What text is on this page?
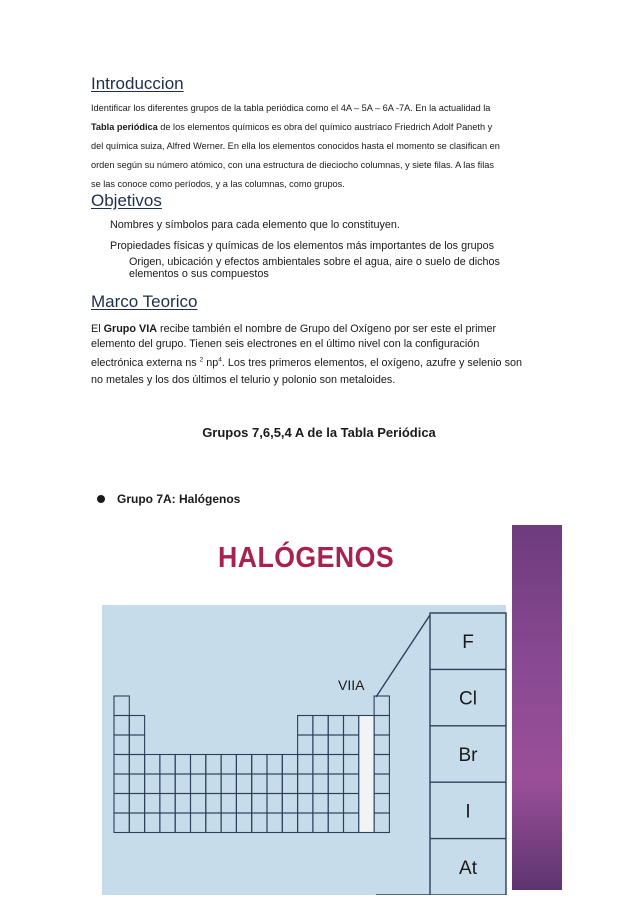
Introduccion
Identificar los diferentes grupos de la tabla periódica como el 4A – 5A – 6A -7A. En la actualidad la
Tabla periódica de los elementos químicos es obra del químico austríaco Friedrich Adolf Paneth y
del química suiza, Alfred Werner. En ella los elementos conocidos hasta el momento se clasifican en
orden según su número atómico, con una estructura de dieciocho columnas, y siete filas. A las filas
se las conoce como períodos, y a las columnas, como grupos.
Objetivos
Nombres y símbolos para cada elemento que lo constituyen.
Propiedades físicas y químicas de los elementos más importantes de los grupos
Origen, ubicación y efectos ambientales sobre el agua, aire o suelo de dichos
elementos o sus compuestos
Marco Teorico
El Grupo VIA recibe también el nombre de Grupo del Oxígeno por ser este el primer
elemento del grupo. Tienen seis electrones en el último nivel con la configuración
electrónica externa ns $^2$ $np^4$. Los tres primeros elementos, el oxígeno, azufre y selenio son
no metales y los dos últimos el telurio y polonio son metaloides.
Grupos 7,6,5,4 A de la Tabla Periódica
Grupo 7A: Halógenos
HALÓGENOS
VIIA
F
Cl
Br
I
At
